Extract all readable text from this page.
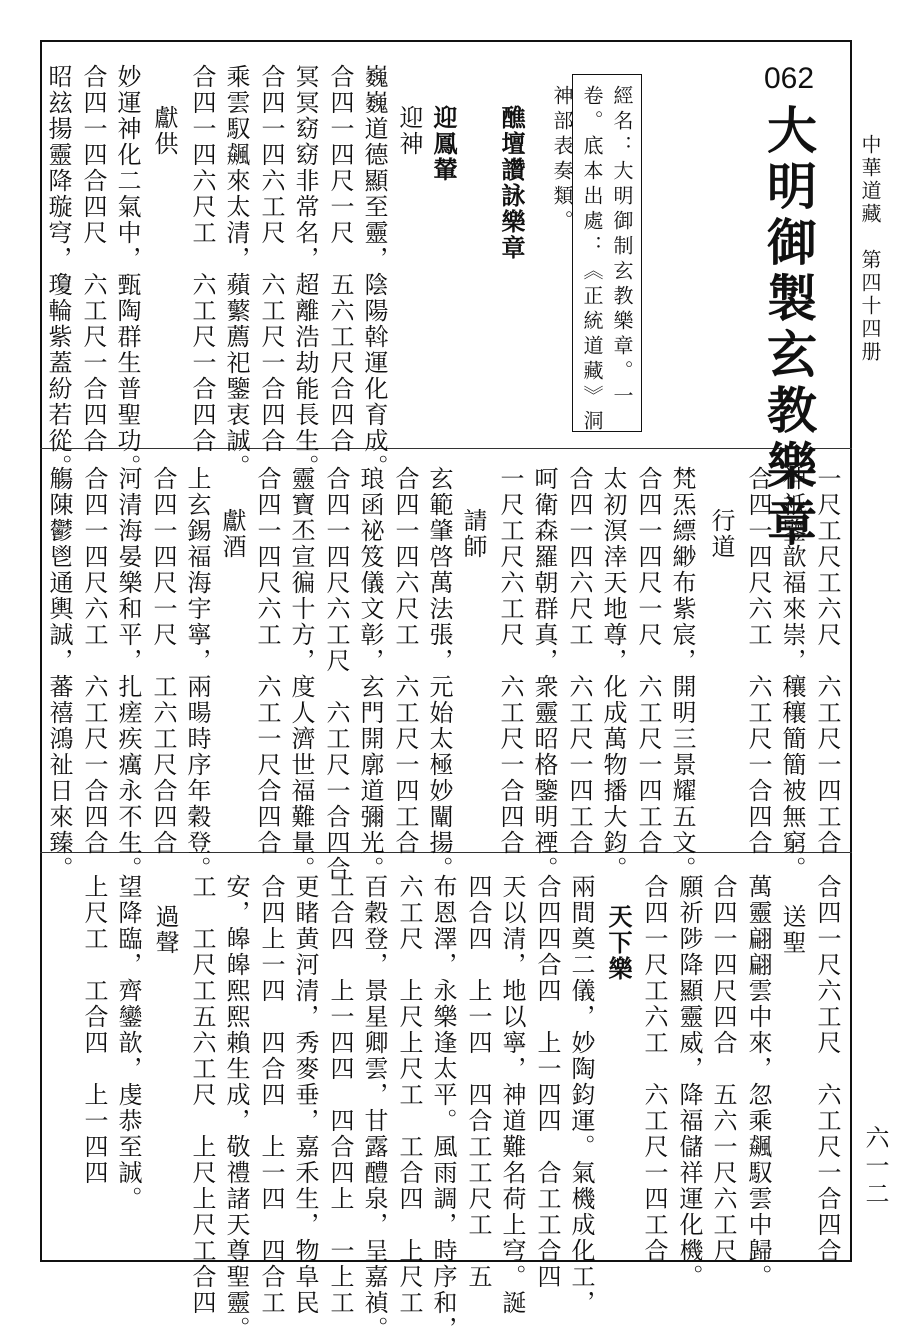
中華道藏　第四十四册
六一二
062
大明御製玄教樂章
經名：大明御制玄教樂章。一
卷。底本出處：《正統道藏》洞
神部表奏類。
醮壇讚詠樂章
迎鳳輦
迎神
巍巍道德顯至靈，陰陽斡運化育成。
合四一四尺一尺　五六工尺合四合
冥冥窈窈非常名，超離浩劫能長生。
合四一四六工尺　六工尺一合四合
乘雲馭飆來太清，蘋蘩薦祀鑒衷誠。
合四一四六尺工　六工尺一合四合
獻供
妙運神化二氣中，甄陶群生普聖功。
合四一四合四尺　六工尺一合四合
昭玆揚靈降璇穹，瓊輪紫蓋紛若從。
一尺工尺工六尺　六工尺一四工合
神祇鑒歆福來崇，穰穰簡簡被無窮。
合四一四尺六工　六工尺一合四合
行道
梵炁縹緲布紫宸，開明三景耀五文。
合四一四尺一尺　六工尺一四工合
太初溟涬天地尊，化成萬物播大鈞。
合四一四六尺工　六工尺一四工合
呵衛森羅朝群真，衆靈昭格鑒明禋。
一尺工尺六工尺　六工尺一合四合
請師
玄範肇啓萬法張，元始太極妙闡揚。
合四一四六尺工　六工尺一四工合
琅函祕笈儀文彰，玄門開廓道彌光。
合四一四尺六工尺　六工尺一合四合
靈寶丕宣徧十方，度人濟世福難量。
合四一四尺六工　六工一尺合四合
獻酒
上玄錫福海宇寧，兩暘時序年穀登。
合四一四尺一尺　工六工尺合四合
河清海晏樂和平，扎瘥疾癘永不生。
合四一四尺六工　六工尺一合四合
觴陳鬱鬯通輿誠，蕃禧鴻祉日來臻。
合四一尺六工尺　六工尺一合四合
送聖
萬靈翩翩雲中來，忽乘飆馭雲中歸。
合四一四尺四合　五六一尺六工尺
願祈陟降顯靈威，降福儲祥運化機。
合四一尺工六工　六工尺一四工合
天下樂
兩間奠二儀，妙陶鈞運。氣機成化工，
合四四合四　上一四四　合工工合四
天以清，地以寧，神道難名荷上穹。誕
四合四　上一四　四合工工尺工　五
布恩澤，永樂逢太平。風雨調，時序和，
六工尺　上尺上尺工　工合四　上尺工
百穀登，景星卿雲，甘露醴泉，呈嘉禎。
工合四　上一四四　四合四上　一上工
更睹黄河清，秀麥垂，嘉禾生，物阜民
合四上一四　四合四　上一四　四合工
安，皞皞熙熙賴生成，敬禮諸天尊聖靈。
工　工尺工五六工尺　上尺上尺工合四
過聲
望降臨，齊鑾歆，虔恭至誠。
上尺工　工合四　上一四四
